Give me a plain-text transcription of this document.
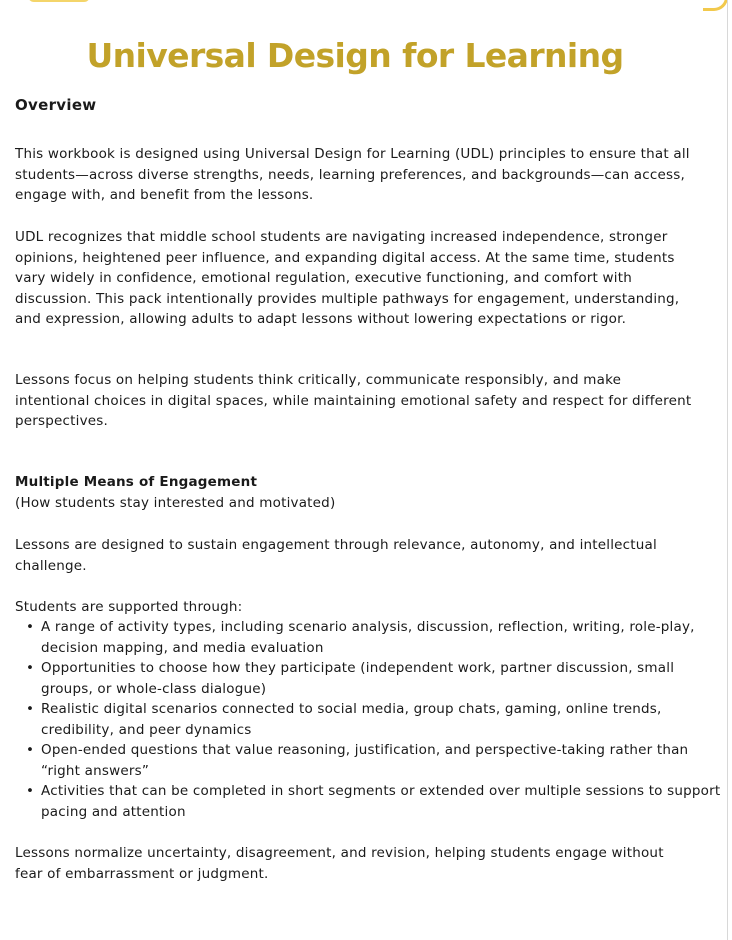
Universal Design for Learning
Overview

This workbook is designed using Universal Design for Learning (UDL) principles to ensure that all students—across diverse strengths, needs, learning preferences, and backgrounds—can access, engage with, and benefit from the lessons.

UDL recognizes that middle school students are navigating increased independence, stronger opinions, heightened peer influence, and expanding digital access. At the same time, students vary widely in confidence, emotional regulation, executive functioning, and comfort with discussion. This pack intentionally provides multiple pathways for engagement, understanding, and expression, allowing adults to adapt lessons without lowering expectations or rigor.

Lessons focus on helping students think critically, communicate responsibly, and make intentional choices in digital spaces, while maintaining emotional safety and respect for different perspectives.

Multiple Means of Engagement

(How students stay interested and motivated)

Lessons are designed to sustain engagement through relevance, autonomy, and intellectual challenge.

Students are supported through:

• A range of activity types, including scenario analysis, discussion, reflection, writing, role-play, decision mapping, and media evaluation
• Opportunities to choose how they participate (independent work, partner discussion, small groups, or whole-class dialogue)
• Realistic digital scenarios connected to social media, group chats, gaming, online trends, credibility, and peer dynamics
• Open-ended questions that value reasoning, justification, and perspective-taking rather than “right answers”
• Activities that can be completed in short segments or extended over multiple sessions to support pacing and attention

Lessons normalize uncertainty, disagreement, and revision, helping students engage without fear of embarrassment or judgment.
